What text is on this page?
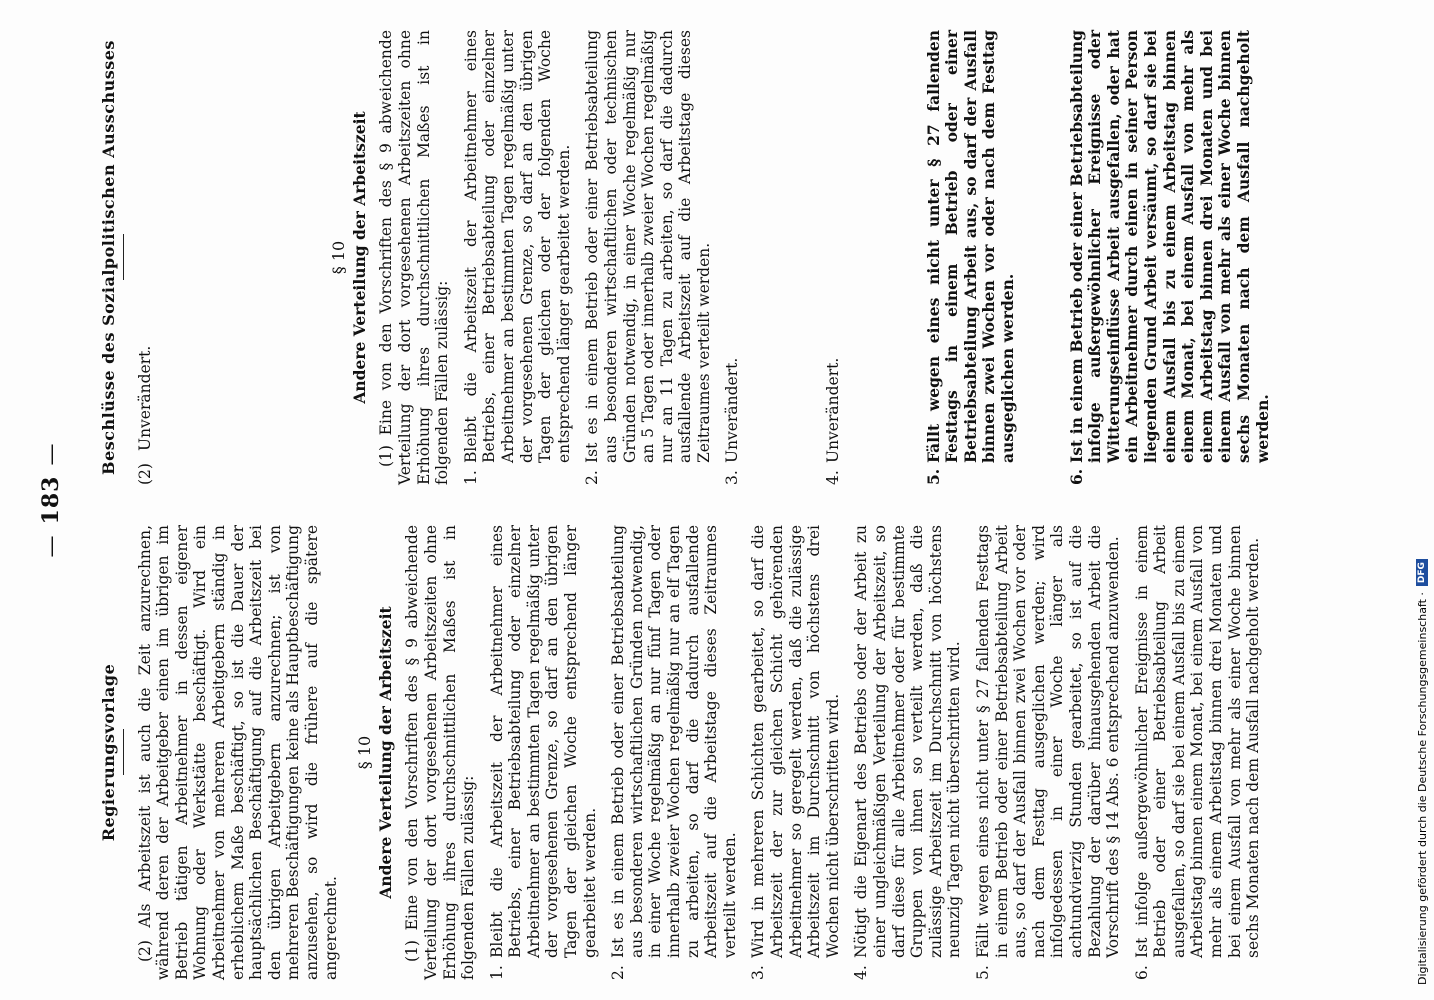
— 183 —
Regierungsvorlage (2) Als Arbeitszeit ist auch die Zeit anzurechnen, während deren der Arbeitgeber einen im übrigen im Betrieb tätigen Arbeitnehmer in dessen eigener Wohnung oder Werkstätte beschäftigt. Wird ein Arbeitnehmer von mehreren Arbeitgebern ständig in erheblichem Maße beschäftigt, so ist die Dauer der hauptsächlichen Beschäftigung auf die Arbeitszeit bei den übrigen Arbeitgebern anzurechnen; ist von mehreren Beschäftigungen keine als Hauptbeschäftigung anzusehen, so wird die frühere auf die spätere angerechnet.

§ 10 Andere Verteilung der Arbeitszeit (1) Eine von den Vorschriften des § 9 abweichende Verteilung der dort vorgesehenen Arbeitszeiten ohne Erhöhung ihres durchschnittlichen Maßes ist in folgenden Fällen zulässig: 1.
Bleibt die Arbeitszeit der Arbeitnehmer eines Betriebs, einer Betriebsabteilung oder einzelner Arbeitnehmer an bestimmten Tagen regelmäßig unter der vorgesehenen Grenze, so darf an den übrigen Tagen der gleichen Woche entsprechend länger gearbeitet werden.
2.
Ist es in einem Betrieb oder einer Betriebsabteilung aus besonderen wirtschaftlichen Gründen notwendig, in einer Woche regelmäßig an nur fünf Tagen oder innerhalb zweier Wochen regelmäßig nur an elf Tagen zu arbeiten, so darf die dadurch ausfallende Arbeitszeit auf die Arbeitstage dieses Zeitraumes verteilt werden.
3.
Wird in mehreren Schichten gearbeitet, so darf die Arbeitszeit der zur gleichen Schicht gehörenden Arbeitnehmer so geregelt werden, daß die zulässige Arbeitszeit im Durchschnitt von höchstens drei Wochen nicht überschritten wird.
4.
Nötigt die Eigenart des Betriebs oder der Arbeit zu einer ungleichmäßigen Verteilung der Arbeitszeit, so darf diese für alle Arbeitnehmer oder für bestimmte Gruppen von ihnen so verteilt werden, daß die zulässige Arbeitszeit im Durchschnitt von höchstens neunzig Tagen nicht überschritten wird.
5.
Fällt wegen eines nicht unter § 27 fallenden Festtags in einem Betrieb oder einer Betriebsabteilung Arbeit aus, so darf der Ausfall binnen zwei Wochen vor oder nach dem Festtag ausgeglichen werden; wird infolgedessen in einer Woche länger als achtundvierzig Stunden gearbeitet, so ist auf die Bezahlung der darüber hinausgehenden Arbeit die Vorschrift des § 14 Abs. 6 entsprechend anzuwenden.
6.
Ist infolge außergewöhnlicher Ereignisse in einem Betrieb oder einer Betriebsabteilung Arbeit ausgefallen, so darf sie bei einem Ausfall bis zu einem Arbeitstag binnen einem Monat, bei einem Ausfall von mehr als einem Arbeitstag binnen drei Monaten und bei einem Ausfall von mehr als einer Woche binnen sechs Monaten nach dem Ausfall nachgeholt werden.
Beschlüsse des Sozialpolitischen Ausschusses (2)
Unverändert.
§ 10 Andere Verteilung der Arbeitszeit (1) Eine von den Vorschriften des § 9 abweichende Verteilung der dort vorgesehenen Arbeitszeiten ohne Erhöhung ihres durchschnittlichen Maßes ist in folgenden Fällen zulässig: 1.
Bleibt die Arbeitszeit der Arbeitnehmer eines Betriebs, einer Betriebsabteilung oder einzelner Arbeitnehmer an bestimmten Tagen regelmäßig unter der vorgesehenen Grenze, so darf an den übrigen Tagen der gleichen oder der folgenden Woche entsprechend länger gearbeitet werden.
2.
Ist es in einem Betrieb oder einer Betriebsabteilung aus besonderen wirtschaftlichen oder technischen Gründen notwendig, in einer Woche regelmäßig nur an 5 Tagen oder innerhalb zweier Wochen regelmäßig nur an 11 Tagen zu arbeiten, so darf die dadurch ausfallende Arbeitszeit auf die Arbeitstage dieses Zeitraumes verteilt werden.
3.
Unverändert.
4.
Unverändert.
5.
Fällt wegen eines nicht unter § 27 fallenden Festtags in einem Betrieb oder einer Betriebsabteilung Arbeit aus, so darf der Ausfall binnen zwei Wochen vor oder nach dem Festtag ausgeglichen werden.
6.
Ist in einem Betrieb oder einer Betriebsabteilung infolge außergewöhnlicher Ereignisse oder Witterungseinflüsse Arbeit ausgefallen, oder hat ein Arbeitnehmer durch einen in seiner Person liegenden Grund Arbeit versäumt, so darf sie bei einem Ausfall bis zu einem Arbeitstag binnen einem Monat, bei einem Ausfall von mehr als einem Arbeitstag binnen drei Monaten und bei einem Ausfall von mehr als einer Woche binnen sechs Monaten nach dem Ausfall nachgeholt werden.
Digitalisierung gefördert durch die Deutsche Forschungsgemeinschaft ·
DFG
